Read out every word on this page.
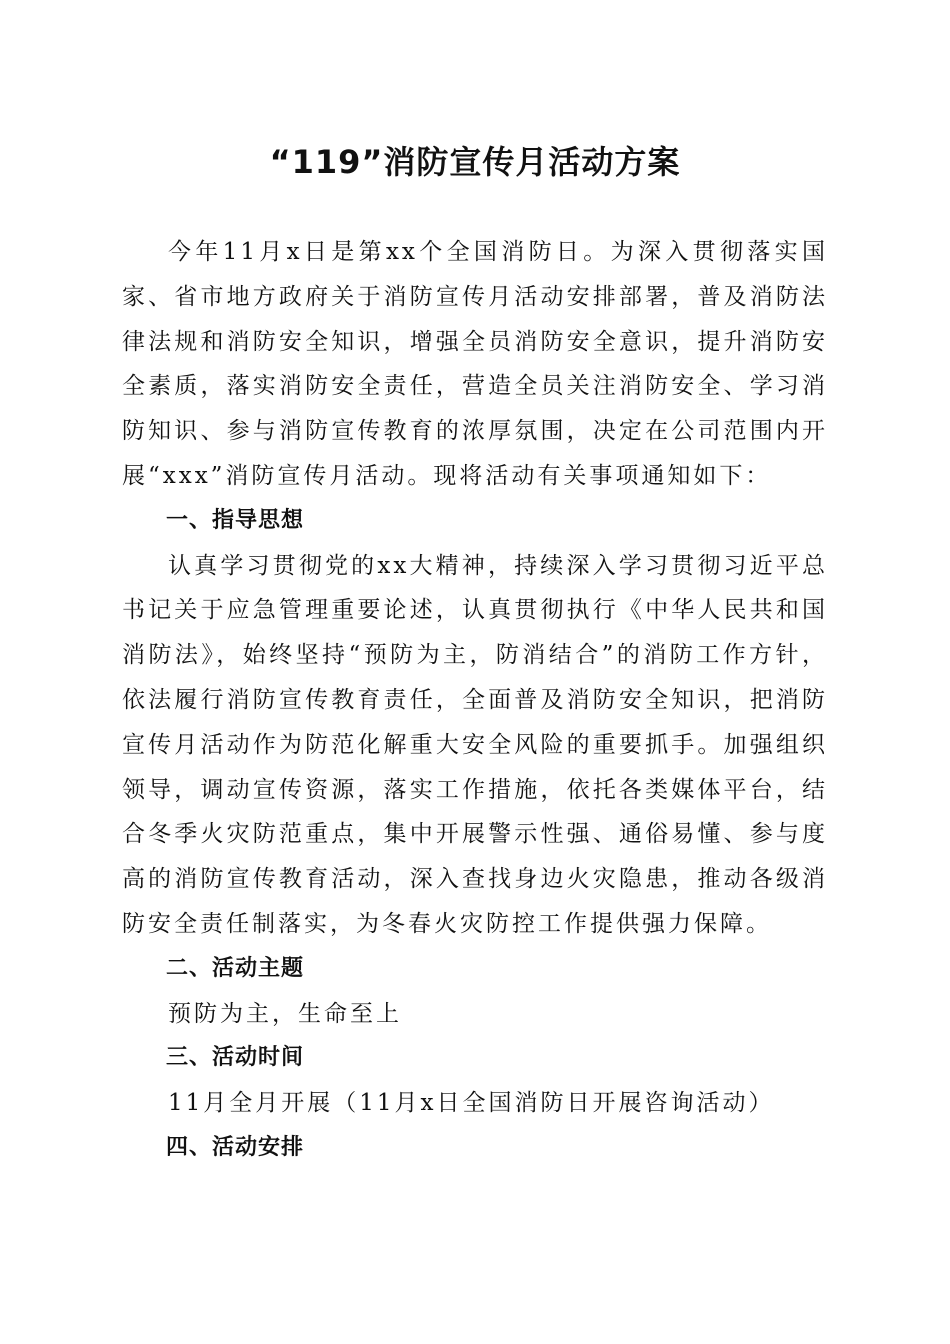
“119”消防宣传月活动方案

今年11月x日是第xx个全国消防日。为深入贯彻落实国家、省市地方政府关于消防宣传月活动安排部署，普及消防法律法规和消防安全知识，增强全员消防安全意识，提升消防安全素质，落实消防安全责任，营造全员关注消防安全、学习消防知识、参与消防宣传教育的浓厚氛围，决定在公司范围内开展“xxx”消防宣传月活动。现将活动有关事项通知如下：

一、指导思想

认真学习贯彻党的xx大精神，持续深入学习贯彻习近平总书记关于应急管理重要论述，认真贯彻执行《中华人民共和国消防法》，始终坚持“预防为主，防消结合”的消防工作方针，依法履行消防宣传教育责任，全面普及消防安全知识，把消防宣传月活动作为防范化解重大安全风险的重要抓手。加强组织领导，调动宣传资源，落实工作措施，依托各类媒体平台，结合冬季火灾防范重点，集中开展警示性强、通俗易懂、参与度高的消防宣传教育活动，深入查找身边火灾隐患，推动各级消防安全责任制落实，为冬春火灾防控工作提供强力保障。

二、活动主题

预防为主，生命至上

三、活动时间

11月全月开展（11月x日全国消防日开展咨询活动）

四、活动安排
